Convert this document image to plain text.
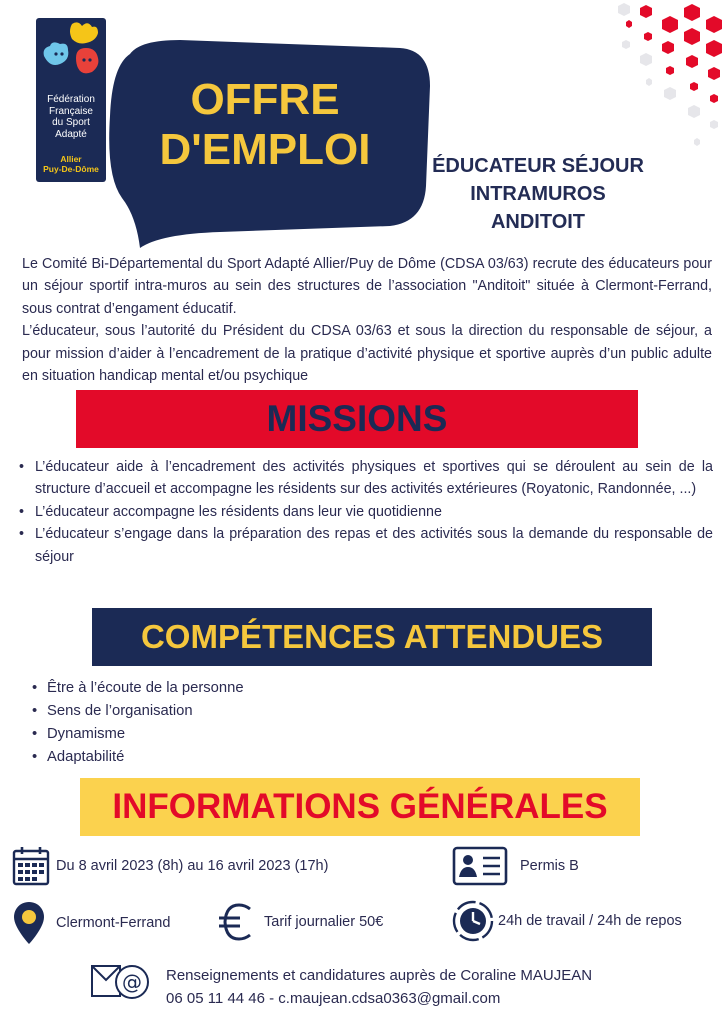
Fédération
Française
du Sport
Adapté
Allier
Puy-De-Dôme
OFFRE
D'EMPLOI	ÉDUCATEUR SÉJOUR
INTRAMUROS
ANDITOIT

Le Comité Bi-Départemental du Sport Adapté Allier/Puy de Dôme (CDSA 03/63) recrute des éducateurs pour un séjour sportif intra-muros au sein des structures de l’association "Anditoit" située à Clermont-Ferrand, sous contrat d’engament éducatif.

L’éducateur, sous l’autorité du Président du CDSA 03/63 et sous la direction du responsable de séjour, a pour mission d’aider à l’encadrement de la pratique d’activité physique et sportive auprès d’un public adulte en situation handicap mental et/ou psychique

MISSIONS
• L’éducateur aide à l’encadrement des activités physiques et sportives qui se déroulent au sein de la structure d’accueil et accompagne les résidents sur des activités extérieures (Royatonic, Randonnée, ...)
• L’éducateur accompagne les résidents dans leur vie quotidienne
• L’éducateur s’engage dans la préparation des repas et des activités sous la demande du responsable de séjour
COMPÉTENCES ATTENDUES
• Être à l’écoute de la personne
• Sens de l’organisation
• Dynamisme
• Adaptabilité
INFORMATIONS GÉNÉRALES
Du 8 avril 2023 (8h) au 16 avril 2023 (17h)	Permis B
Clermont-Ferrand	Tarif journalier 50€	24h de travail / 24h de repos
@ Renseignements et candidatures auprès de Coraline MAUJEAN
06 05 11 44 46 - c.maujean.cdsa0363@gmail.com
